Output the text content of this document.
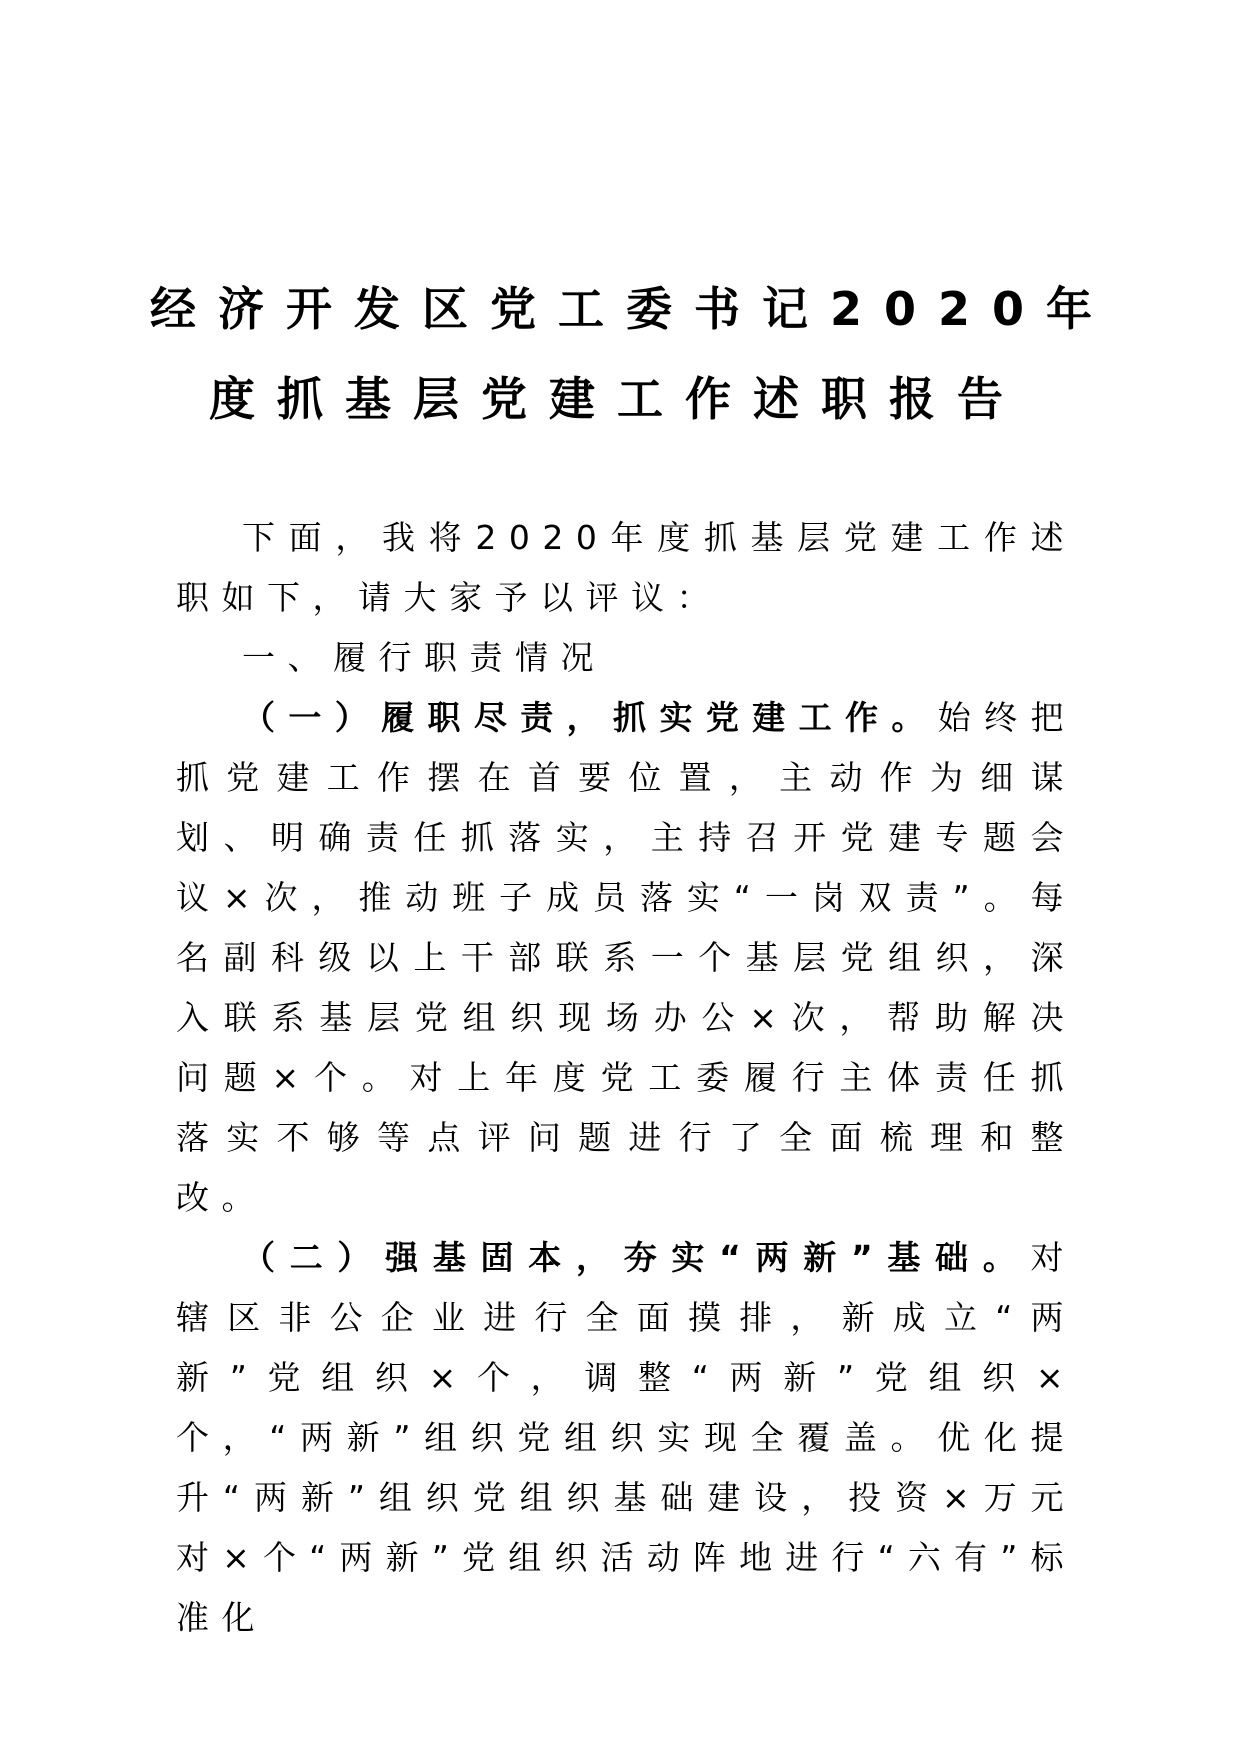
经济开发区党工委书记2020年
度抓基层党建工作述职报告

下面，我将2020年度抓基层党建工作述职如下，请大家予以评议：

一、履行职责情况

（一）履职尽责，抓实党建工作。始终把抓党建工作摆在首要位置，主动作为细谋划、明确责任抓落实，主持召开党建专题会议×次，推动班子成员落实“一岗双责”。每名副科级以上干部联系一个基层党组织，深入联系基层党组织现场办公×次，帮助解决问题×个。对上年度党工委履行主体责任抓落实不够等点评问题进行了全面梳理和整改。

（二）强基固本，夯实“两新”基础。对辖区非公企业进行全面摸排，新成立“两新”党组织×个，调整“两新”党组织×个，“两新”组织党组织实现全覆盖。优化提升“两新”组织党组织基础建设，投资×万元对×个“两新”党组织活动阵地进行“六有”标准化
